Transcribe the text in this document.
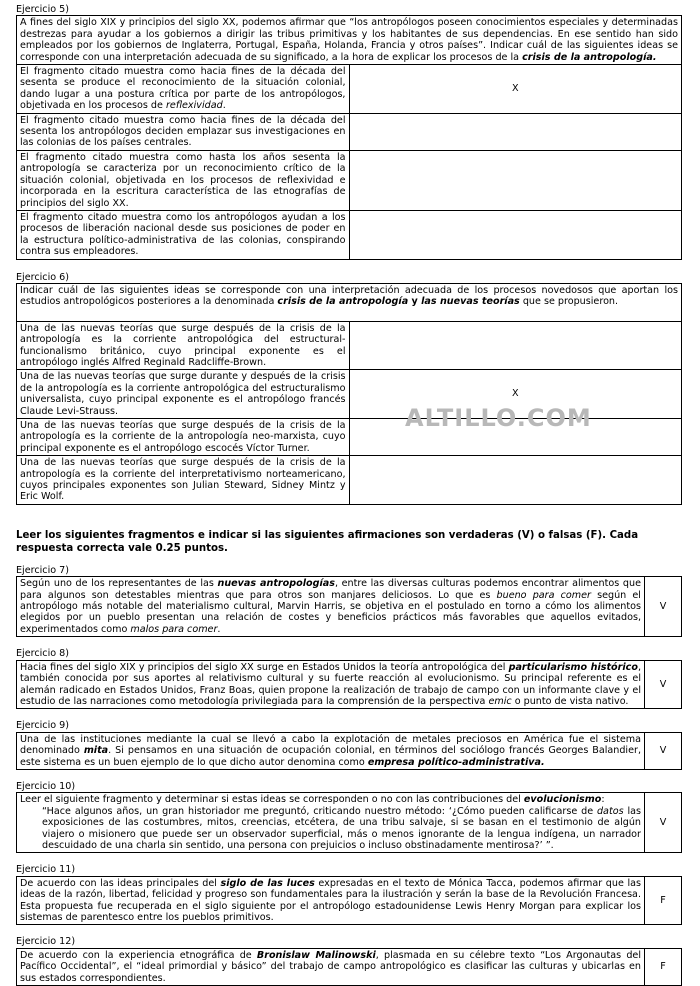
Ejercicio 5)
A fines del siglo XIX y principios del siglo XX, podemos afirmar que “los antropólogos poseen conocimientos especiales y determinadas destrezas para ayudar a los gobiernos a dirigir las tribus primitivas y los habitantes de sus dependencias. En ese sentido han sido empleados por los gobiernos de Inglaterra, Portugal, España, Holanda, Francia y otros países”. Indicar cuál de las siguientes ideas se corresponde con una interpretación adecuada de su significado, a la hora de explicar los procesos de la crisis de la antropología.	
El fragmento citado muestra como hacia fines de la década del sesenta se produce el reconocimiento de la situación colonial, dando lugar a una postura crítica por parte de los antropólogos, objetivada en los procesos de reflexividad.	X
El fragmento citado muestra como hacia fines de la década del sesenta los antropólogos deciden emplazar sus investigaciones en las colonias de los países centrales.	
El fragmento citado muestra como hasta los años sesenta la antropología se caracteriza por un reconocimiento crítico de la situación colonial, objetivada en los procesos de reflexividad e incorporada en la escritura característica de las etnografías de principios del siglo XX.	
El fragmento citado muestra como los antropólogos ayudan a los procesos de liberación nacional desde sus posiciones de poder en la estructura político-administrativa de las colonias, conspirando contra sus empleadores.	
Ejercicio 6)
Indicar cuál de las siguientes ideas se corresponde con una interpretación adecuada de los procesos novedosos que aportan los estudios antropológicos posteriores a la denominada crisis de la antropología y las nuevas teorías que se propusieron.	
Una de las nuevas teorías que surge después de la crisis de la antropología es la corriente antropológica del estructural-funcionalismo británico, cuyo principal exponente es el antropólogo inglés Alfred Reginald Radcliffe-Brown.	
Una de las nuevas teorías que surge durante y después de la crisis de la antropología es la corriente antropológica del estructuralismo universalista, cuyo principal exponente es el antropólogo francés Claude Levi-Strauss.	X
Una de las nuevas teorías que surge después de la crisis de la antropología es la corriente de la antropología neo-marxista, cuyo principal exponente es el antropólogo escocés Víctor Turner.	
Una de las nuevas teorías que surge después de la crisis de la antropología es la corriente del interpretativismo norteamericano, cuyos principales exponentes son Julian Steward, Sidney Mintz y Eric Wolf.	
Leer los siguientes fragmentos e indicar si las siguientes afirmaciones son verdaderas (V) o falsas (F). Cada respuesta correcta vale 0.25 puntos.
Ejercicio 7)
Según uno de los representantes de las nuevas antropologías, entre las diversas culturas podemos encontrar alimentos que para algunos son detestables mientras que para otros son manjares deliciosos. Lo que es bueno para comer según el antropólogo más notable del materialismo cultural, Marvin Harris, se objetiva en el postulado en torno a cómo los alimentos elegidos por un pueblo presentan una relación de costes y beneficios prácticos más favorables que aquellos evitados, experimentados como malos para comer.	V
Ejercicio 8)
Hacia fines del siglo XIX y principios del siglo XX surge en Estados Unidos la teoría antropológica del particularismo histórico, también conocida por sus aportes al relativismo cultural y su fuerte reacción al evolucionismo. Su principal referente es el alemán radicado en Estados Unidos, Franz Boas, quien propone la realización de trabajo de campo con un informante clave y el estudio de las narraciones como metodología privilegiada para la comprensión de la perspectiva emic o punto de vista nativo.	V
Ejercicio 9)
Una de las instituciones mediante la cual se llevó a cabo la explotación de metales preciosos en América fue el sistema denominado mita. Si pensamos en una situación de ocupación colonial, en términos del sociólogo francés Georges Balandier, este sistema es un buen ejemplo de lo que dicho autor denomina como empresa político-administrativa.	V
Ejercicio 10)
Leer el siguiente fragmento y determinar si estas ideas se corresponden o no con las contribuciones del evolucionismo:
“Hace algunos años, un gran historiador me preguntó, criticando nuestro método: ‘¿Cómo pueden calificarse de datos las exposiciones de las costumbres, mitos, creencias, etcétera, de una tribu salvaje, si se basan en el testimonio de algún viajero o misionero que puede ser un observador superficial, más o menos ignorante de la lengua indígena, un narrador descuidado de una charla sin sentido, una persona con prejuicios o incluso obstinadamente mentirosa?’ ”.
	V
Ejercicio 11)
De acuerdo con las ideas principales del siglo de las luces expresadas en el texto de Mónica Tacca, podemos afirmar que las ideas de la razón, libertad, felicidad y progreso son fundamentales para la ilustración y serán la base de la Revolución Francesa. Esta propuesta fue recuperada en el siglo siguiente por el antropólogo estadounidense Lewis Henry Morgan para explicar los sistemas de parentesco entre los pueblos primitivos.	F
Ejercicio 12)
De acuerdo con la experiencia etnográfica de Bronislaw Malinowski, plasmada en su célebre texto “Los Argonautas del Pacífico Occidental”, el “ideal primordial y básico” del trabajo de campo antropológico es clasificar las culturas y ubicarlas en sus estados correspondientes.	F
ALTILLO.COM
